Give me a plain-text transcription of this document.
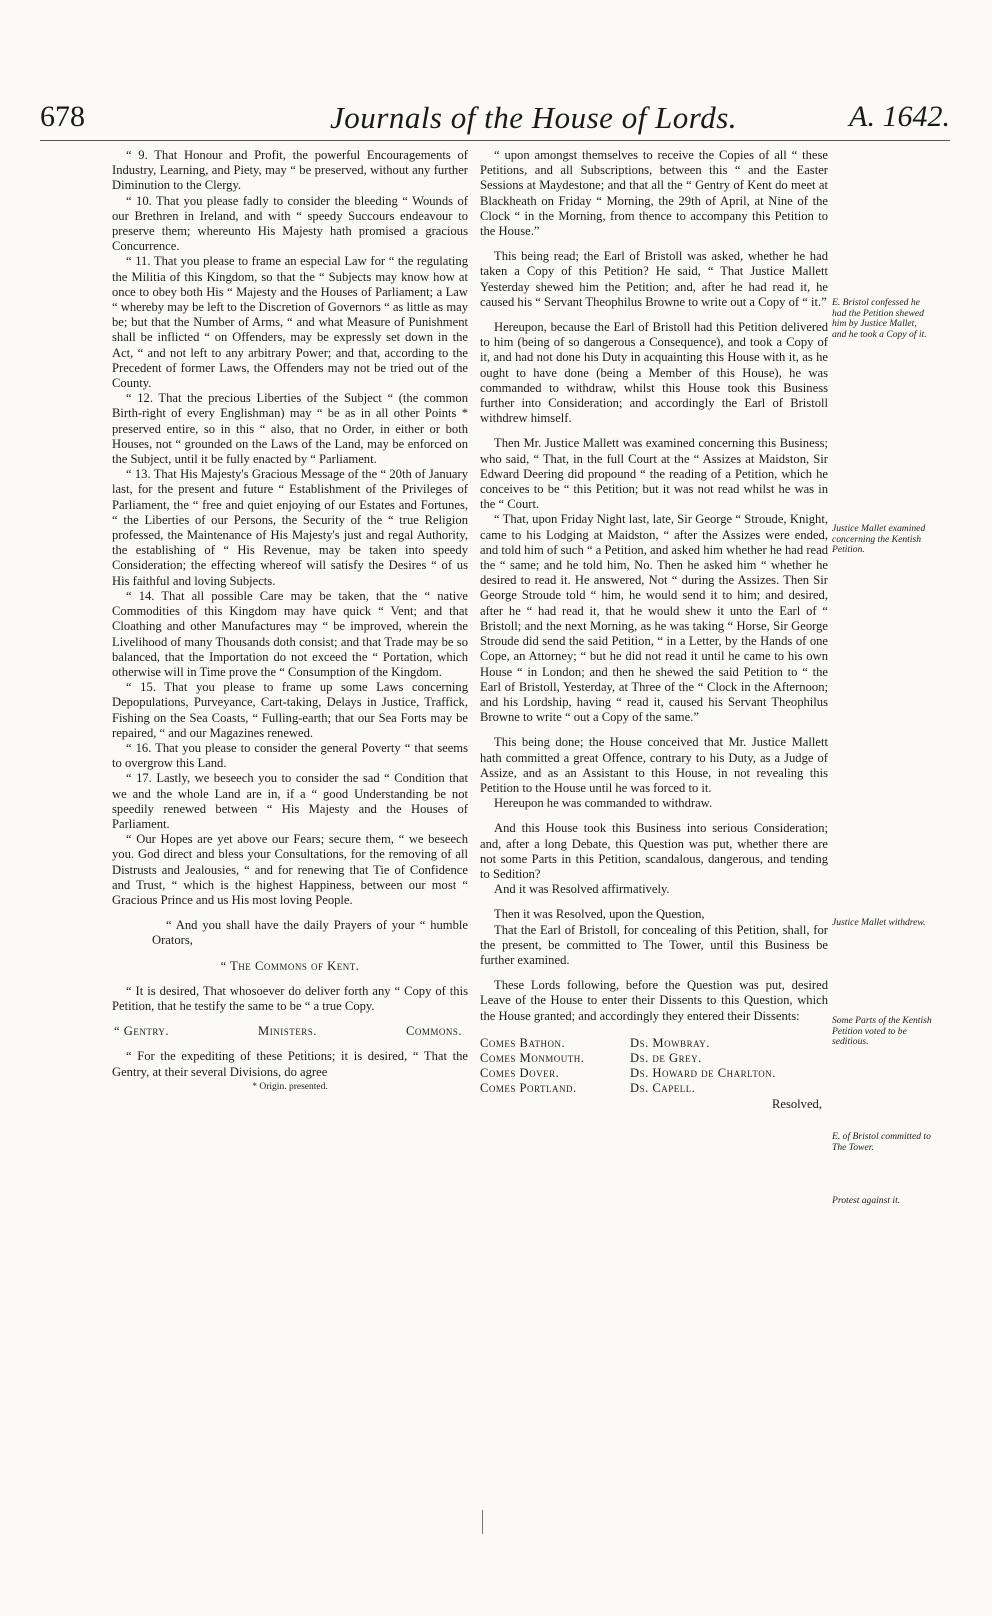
678	Journals of the House of Lords.	A. 1642.

“ 9. That Honour and Profit, the powerful Encouragements of Industry, Learning, and Piety, may “ be preserved, without any further Diminution to the Clergy.

“ 10. That you please fadly to consider the bleeding “ Wounds of our Brethren in Ireland, and with “ speedy Succours endeavour to preserve them; whereunto His Majesty hath promised a gracious Concurrence.

“ 11. That you please to frame an especial Law for “ the regulating the Militia of this Kingdom, so that the “ Subjects may know how at once to obey both His “ Majesty and the Houses of Parliament; a Law “ whereby may be left to the Discretion of Governors “ as little as may be; but that the Number of Arms, “ and what Measure of Punishment shall be inflicted “ on Offenders, may be expressly set down in the Act, “ and not left to any arbitrary Power; and that, according to the Precedent of former Laws, the Offenders may not be tried out of the County.

“ 12. That the precious Liberties of the Subject “ (the common Birth-right of every Englishman) may “ be as in all other Points * preserved entire, so in this “ also, that no Order, in either or both Houses, not “ grounded on the Laws of the Land, may be enforced on the Subject, until it be fully enacted by “ Parliament.

“ 13. That His Majesty's Gracious Message of the “ 20th of January last, for the present and future “ Establishment of the Privileges of Parliament, the “ free and quiet enjoying of our Estates and Fortunes, “ the Liberties of our Persons, the Security of the “ true Religion professed, the Maintenance of His Majesty's just and regal Authority, the establishing of “ His Revenue, may be taken into speedy Consideration; the effecting whereof will satisfy the Desires “ of us His faithful and loving Subjects.

“ 14. That all possible Care may be taken, that the “ native Commodities of this Kingdom may have quick “ Vent; and that Cloathing and other Manufactures may “ be improved, wherein the Livelihood of many Thousands doth consist; and that Trade may be so balanced, that the Importation do not exceed the “ Portation, which otherwise will in Time prove the “ Consumption of the Kingdom.

“ 15. That you please to frame up some Laws concerning Depopulations, Purveyance, Cart-taking, Delays in Justice, Traffick, Fishing on the Sea Coasts, “ Fulling-earth; that our Sea Forts may be repaired, “ and our Magazines renewed.

“ 16. That you please to consider the general Poverty “ that seems to overgrow this Land.

“ 17. Lastly, we beseech you to consider the sad “ Condition that we and the whole Land are in, if a “ good Understanding be not speedily renewed between “ His Majesty and the Houses of Parliament.

“ Our Hopes are yet above our Fears; secure them, “ we beseech you. God direct and bless your Consultations, for the removing of all Distrusts and Jealousies, “ and for renewing that Tie of Confidence and Trust, “ which is the highest Happiness, between our most “ Gracious Prince and us His most loving People.

“ And you shall have the daily Prayers of your “ humble Orators,

“ The Commons of Kent.

“ It is desired, That whosoever do deliver forth any “ Copy of this Petition, that he testify the same to be “ a true Copy.

“ Gentry.	Ministers.	Commons.

“ For the expediting of these Petitions; it is desired, “ That the Gentry, at their several Divisions, do agree

* Origin. presented.

“ upon amongst themselves to receive the Copies of all “ these Petitions, and all Subscriptions, between this “ and the Easter Sessions at Maydestone; and that all the “ Gentry of Kent do meet at Blackheath on Friday “ Morning, the 29th of April, at Nine of the Clock “ in the Morning, from thence to accompany this Petition to the House.”

This being read; the Earl of Bristoll was asked, whether he had taken a Copy of this Petition? He said, “ That Justice Mallett Yesterday shewed him the Petition; and, after he had read it, he caused his “ Servant Theophilus Browne to write out a Copy of “ it.”

Hereupon, because the Earl of Bristoll had this Petition delivered to him (being of so dangerous a Consequence), and took a Copy of it, and had not done his Duty in acquainting this House with it, as he ought to have done (being a Member of this House), he was commanded to withdraw, whilst this House took this Business further into Consideration; and accordingly the Earl of Bristoll withdrew himself.

Then Mr. Justice Mallett was examined concerning this Business; who said, “ That, in the full Court at the “ Assizes at Maidston, Sir Edward Deering did propound “ the reading of a Petition, which he conceives to be “ this Petition; but it was not read whilst he was in the “ Court.

“ That, upon Friday Night last, late, Sir George “ Stroude, Knight, came to his Lodging at Maidston, “ after the Assizes were ended, and told him of such “ a Petition, and asked him whether he had read the “ same; and he told him, No. Then he asked him “ whether he desired to read it. He answered, Not “ during the Assizes. Then Sir George Stroude told “ him, he would send it to him; and desired, after he “ had read it, that he would shew it unto the Earl of “ Bristoll; and the next Morning, as he was taking “ Horse, Sir George Stroude did send the said Petition, “ in a Letter, by the Hands of one Cope, an Attorney; “ but he did not read it until he came to his own House “ in London; and then he shewed the said Petition to “ the Earl of Bristoll, Yesterday, at Three of the “ Clock in the Afternoon; and his Lordship, having “ read it, caused his Servant Theophilus Browne to write “ out a Copy of the same.”

This being done; the House conceived that Mr. Justice Mallett hath committed a great Offence, contrary to his Duty, as a Judge of Assize, and as an Assistant to this House, in not revealing this Petition to the House until he was forced to it.

Hereupon he was commanded to withdraw.

And this House took this Business into serious Consideration; and, after a long Debate, this Question was put, whether there are not some Parts in this Petition, scandalous, dangerous, and tending to Sedition?

And it was Resolved affirmatively.

Then it was Resolved, upon the Question,

That the Earl of Bristoll, for concealing of this Petition, shall, for the present, be committed to The Tower, until this Business be further examined.

These Lords following, before the Question was put, desired Leave of the House to enter their Dissents to this Question, which the House granted; and accordingly they entered their Dissents:

Comes Bathon.	Ds. Mowbray.
Comes Monmouth.	Ds. de Grey.
Comes Dover.	Ds. Howard de Charlton.
Comes Portland.	Ds. Capell.

Resolved,

E. Bristol confessed he had the Petition shewed him by Justice Mallet, and he took a Copy of it.
Justice Mallet examined concerning the Kentish Petition.
Justice Mallet withdrew.
Some Parts of the Kentish Petition voted to be seditious.
E. of Bristol committed to The Tower.
Protest against it.
